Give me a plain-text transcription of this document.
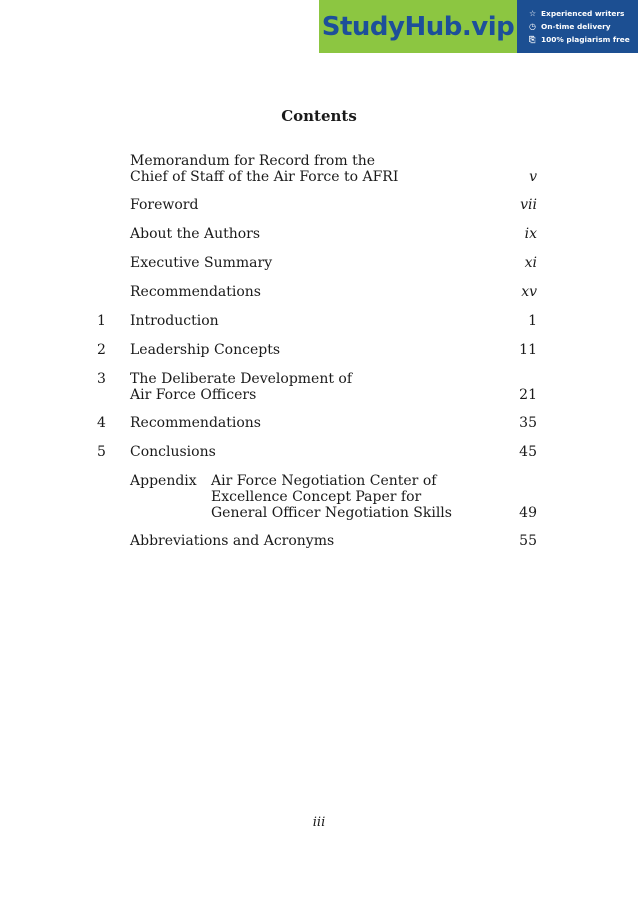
StudyHub.vip ☆ Experienced writers
◷ On-time delivery
⎘ 100% plagiarism free
Contents
Memorandum for Record from the
Chief of Staff of the Air Force to AFRI	v
Foreword	vii
About the Authors	ix
Executive Summary	xi
Recommendations	xv
1 Introduction	1
2 Leadership Concepts	11
3 The Deliberate Development of
Air Force Officers	21
4 Recommendations	35
5 Conclusions	45
Appendix Air Force Negotiation Center of
Excellence Concept Paper for
General Officer Negotiation Skills	49
Abbreviations and Acronyms	55
iii
